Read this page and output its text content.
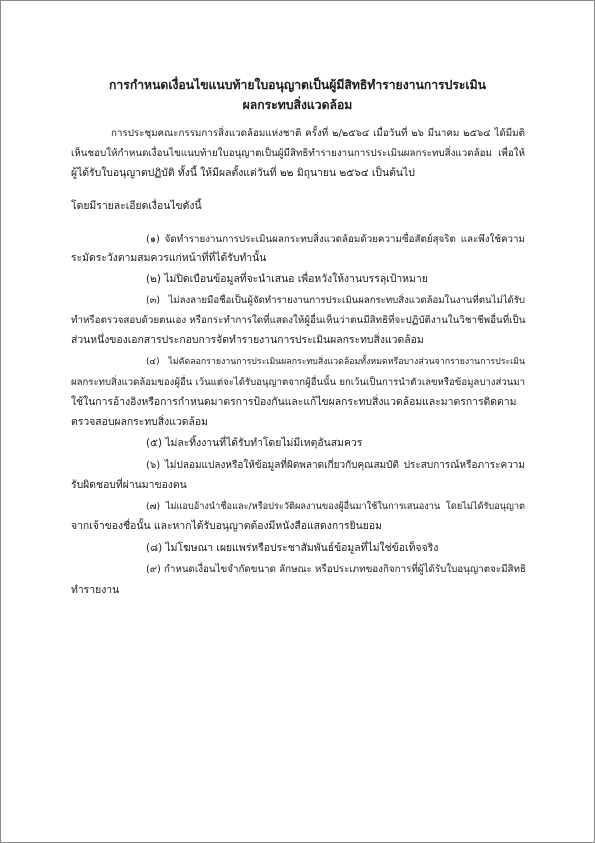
การกำหนดเงื่อนไขแนบท้ายใบอนุญาตเป็นผู้มีสิทธิทำรายงานการประเมิน
ผลกระทบสิ่งแวดล้อม
การประชุมคณะกรรมการสิ่งแวดล้อมแห่งชาติ ครั้งที่ ๒/๒๕๖๔ เมื่อวันที่ ๒๖ มีนาคม ๒๕๖๔ ได้มีมติ
เห็นชอบให้กำหนดเงื่อนไขแนบท้ายใบอนุญาตเป็นผู้มีสิทธิทำรายงานการประเมินผลกระทบสิ่งแวดล้อม เพื่อให้
ผู้ได้รับใบอนุญาตปฏิบัติ ทั้งนี้ ให้มีผลตั้งแต่วันที่ ๒๒ มิถุนายน ๒๕๖๔ เป็นต้นไป
โดยมีรายละเอียดเงื่อนไขดังนี้
(๑) จัดทำรายงานการประเมินผลกระทบสิ่งแวดล้อมด้วยความซื่อสัตย์สุจริต และพึงใช้ความ
ระมัดระวังตามสมควรแก่หน้าที่ที่ได้รับทำนั้น
(๒) ไม่ปิดเบือนข้อมูลที่จะนำเสนอ เพื่อหวังให้งานบรรลุเป้าหมาย
(๓) ไม่ลงลายมือชื่อเป็นผู้จัดทำรายงานการประเมินผลกระทบสิ่งแวดล้อมในงานที่ตนไม่ได้รับ
ทำหรือตรวจสอบด้วยตนเอง หรือกระทำการใดที่แสดงให้ผู้อื่นเห็นว่าตนมีสิทธิที่จะปฏิบัติงานในวิชาชีพอื่นที่เป็น
ส่วนหนึ่งของเอกสารประกอบการจัดทำรายงานการประเมินผลกระทบสิ่งแวดล้อม
(๔) ไม่คัดลอกรายงานการประเมินผลกระทบสิ่งแวดล้อมทั้งหมดหรือบางส่วนจากรายงานการประเมิน
ผลกระทบสิ่งแวดล้อมของผู้อื่น เว้นแต่จะได้รับอนุญาตจากผู้อื่นนั้น ยกเว้นเป็นการนำตัวเลขหรือข้อมูลบางส่วนมา
ใช้ในการอ้างอิงหรือการกำหนดมาตรการป้องกันและแก้ไขผลกระทบสิ่งแวดล้อมและมาตรการติดตาม
ตรวจสอบผลกระทบสิ่งแวดล้อม
(๕) ไม่ละทิ้งงานที่ได้รับทำโดยไม่มีเหตุอันสมควร
(๖) ไม่ปลอมแปลงหรือให้ข้อมูลที่ผิดพลาดเกี่ยวกับคุณสมบัติ ประสบการณ์หรือภาระความ
รับผิดชอบที่ผ่านมาของตน
(๗) ไม่แอบอ้างนำชื่อและ/หรือประวัติผลงานของผู้อื่นมาใช้ในการเสนองาน โดยไม่ได้รับอนุญาต
จากเจ้าของชื่อนั้น และหากได้รับอนุญาตต้องมีหนังสือแสดงการยินยอม
(๘) ไม่โฆษณา เผยแพร่หรือประชาสัมพันธ์ข้อมูลที่ไม่ใช่ข้อเท็จจริง
(๙) กำหนดเงื่อนไขจำกัดขนาด ลักษณะ หรือประเภทของกิจการที่ผู้ได้รับใบอนุญาตจะมีสิทธิ
ทำรายงาน
